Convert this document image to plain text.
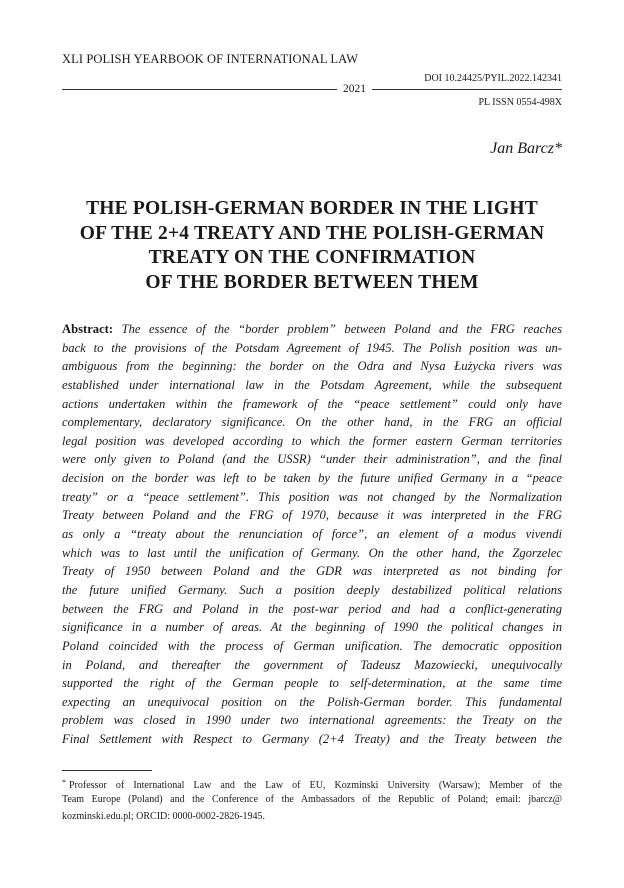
XLI POLISH YEARBOOK OF INTERNATIONAL LAW
DOI 10.24425/PYIL.2022.142341
2021
PL ISSN 0554-498X
Jan Barcz*
THE POLISH-GERMAN BORDER IN THE LIGHT
OF THE 2+4 TREATY AND THE POLISH-GERMAN
TREATY ON THE CONFIRMATION
OF THE BORDER BETWEEN THEM
Abstract: The essence of the “border problem” between Poland and the FRG reaches
back to the provisions of the Potsdam Agreement of 1945. The Polish position was un-
ambiguous from the beginning: the border on the Odra and Nysa Łużycka rivers was
established under international law in the Potsdam Agreement, while the subsequent
actions undertaken within the framework of the “peace settlement” could only have
complementary, declaratory significance. On the other hand, in the FRG an official
legal position was developed according to which the former eastern German territories
were only given to Poland (and the USSR) “under their administration”, and the final
decision on the border was left to be taken by the future unified Germany in a “peace
treaty” or a “peace settlement”. This position was not changed by the Normalization
Treaty between Poland and the FRG of 1970, because it was interpreted in the FRG
as only a “treaty about the renunciation of force”, an element of a modus vivendi
which was to last until the unification of Germany. On the other hand, the Zgorzelec
Treaty of 1950 between Poland and the GDR was interpreted as not binding for
the future unified Germany. Such a position deeply destabilized political relations
between the FRG and Poland in the post-war period and had a conflict-generating
significance in a number of areas. At the beginning of 1990 the political changes in
Poland coincided with the process of German unification. The democratic opposition
in Poland, and thereafter the government of Tadeusz Mazowiecki, unequivocally
supported the right of the German people to self-determination, at the same time
expecting an unequivocal position on the Polish-German border. This fundamental
problem was closed in 1990 under two international agreements: the Treaty on the
Final Settlement with Respect to Germany (2+4 Treaty) and the Treaty between the
* Professor of International Law and the Law of EU, Kozminski University (Warsaw); Member of the
Team Europe (Poland) and the Conference of the Ambassadors of the Republic of Poland; email: jbarcz@
kozminski.edu.pl; ORCID: 0000-0002-2826-1945.
